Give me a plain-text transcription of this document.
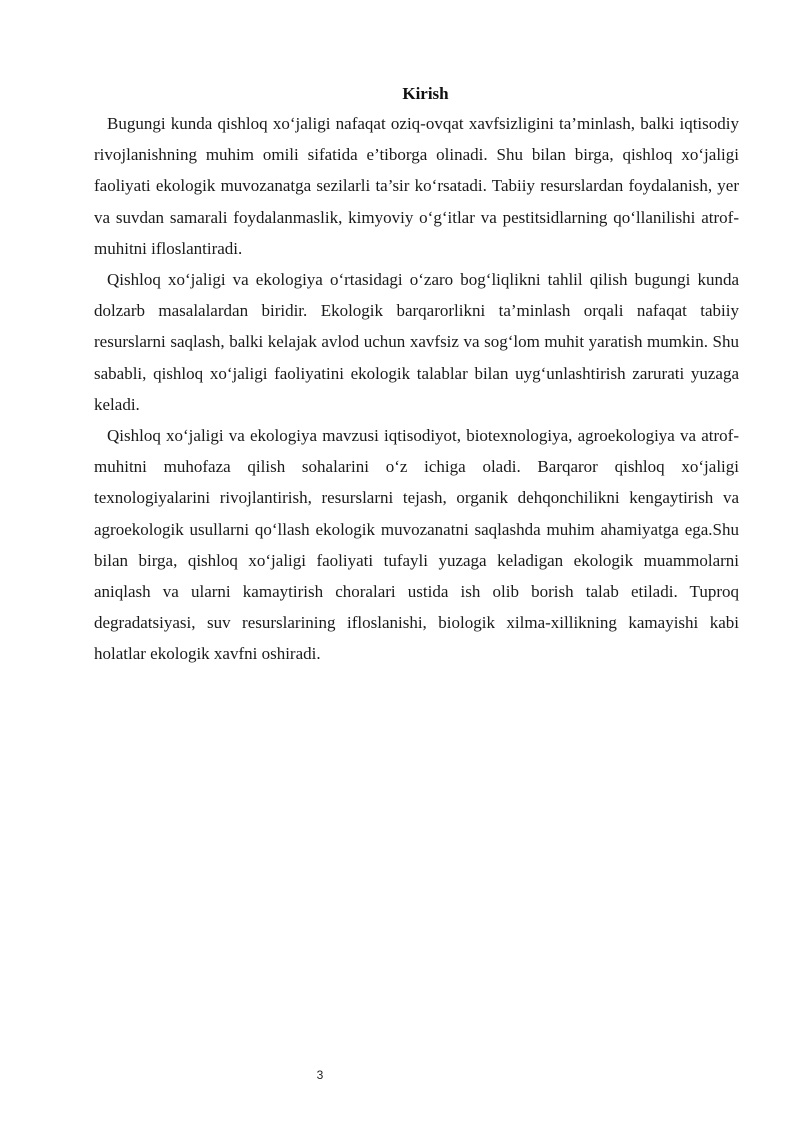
Kirish

Bugungi kunda qishloq xo‘jaligi nafaqat oziq-ovqat xavfsizligini ta’minlash, balki iqtisodiy rivojlanishning muhim omili sifatida e’tiborga olinadi. Shu bilan birga, qishloq xo‘jaligi faoliyati ekologik muvozanatga sezilarli ta’sir ko‘rsatadi. Tabiiy resurslardan foydalanish, yer va suvdan samarali foydalanmaslik, kimyoviy o‘g‘itlar va pestitsidlarning qo‘llanilishi atrof-muhitni ifloslantiradi.

Qishloq xo‘jaligi va ekologiya o‘rtasidagi o‘zaro bog‘liqlikni tahlil qilish bugungi kunda dolzarb masalalardan biridir. Ekologik barqarorlikni ta’minlash orqali nafaqat tabiiy resurslarni saqlash, balki kelajak avlod uchun xavfsiz va sog‘lom muhit yaratish mumkin. Shu sababli, qishloq xo‘jaligi faoliyatini ekologik talablar bilan uyg‘unlashtirish zarurati yuzaga keladi.

Qishloq xo‘jaligi va ekologiya mavzusi iqtisodiyot, biotexnologiya, agroekologiya va atrof-muhitni muhofaza qilish sohalarini o‘z ichiga oladi. Barqaror qishloq xo‘jaligi texnologiyalarini rivojlantirish, resurslarni tejash, organik dehqonchilikni kengaytirish va agroekologik usullarni qo‘llash ekologik muvozanatni saqlashda muhim ahamiyatga ega.Shu bilan birga, qishloq xo‘jaligi faoliyati tufayli yuzaga keladigan ekologik muammolarni aniqlash va ularni kamaytirish choralari ustida ish olib borish talab etiladi. Tuproq degradatsiyasi, suv resurslarining ifloslanishi, biologik xilma-xillikning kamayishi kabi holatlar ekologik xavfni oshiradi.

3
